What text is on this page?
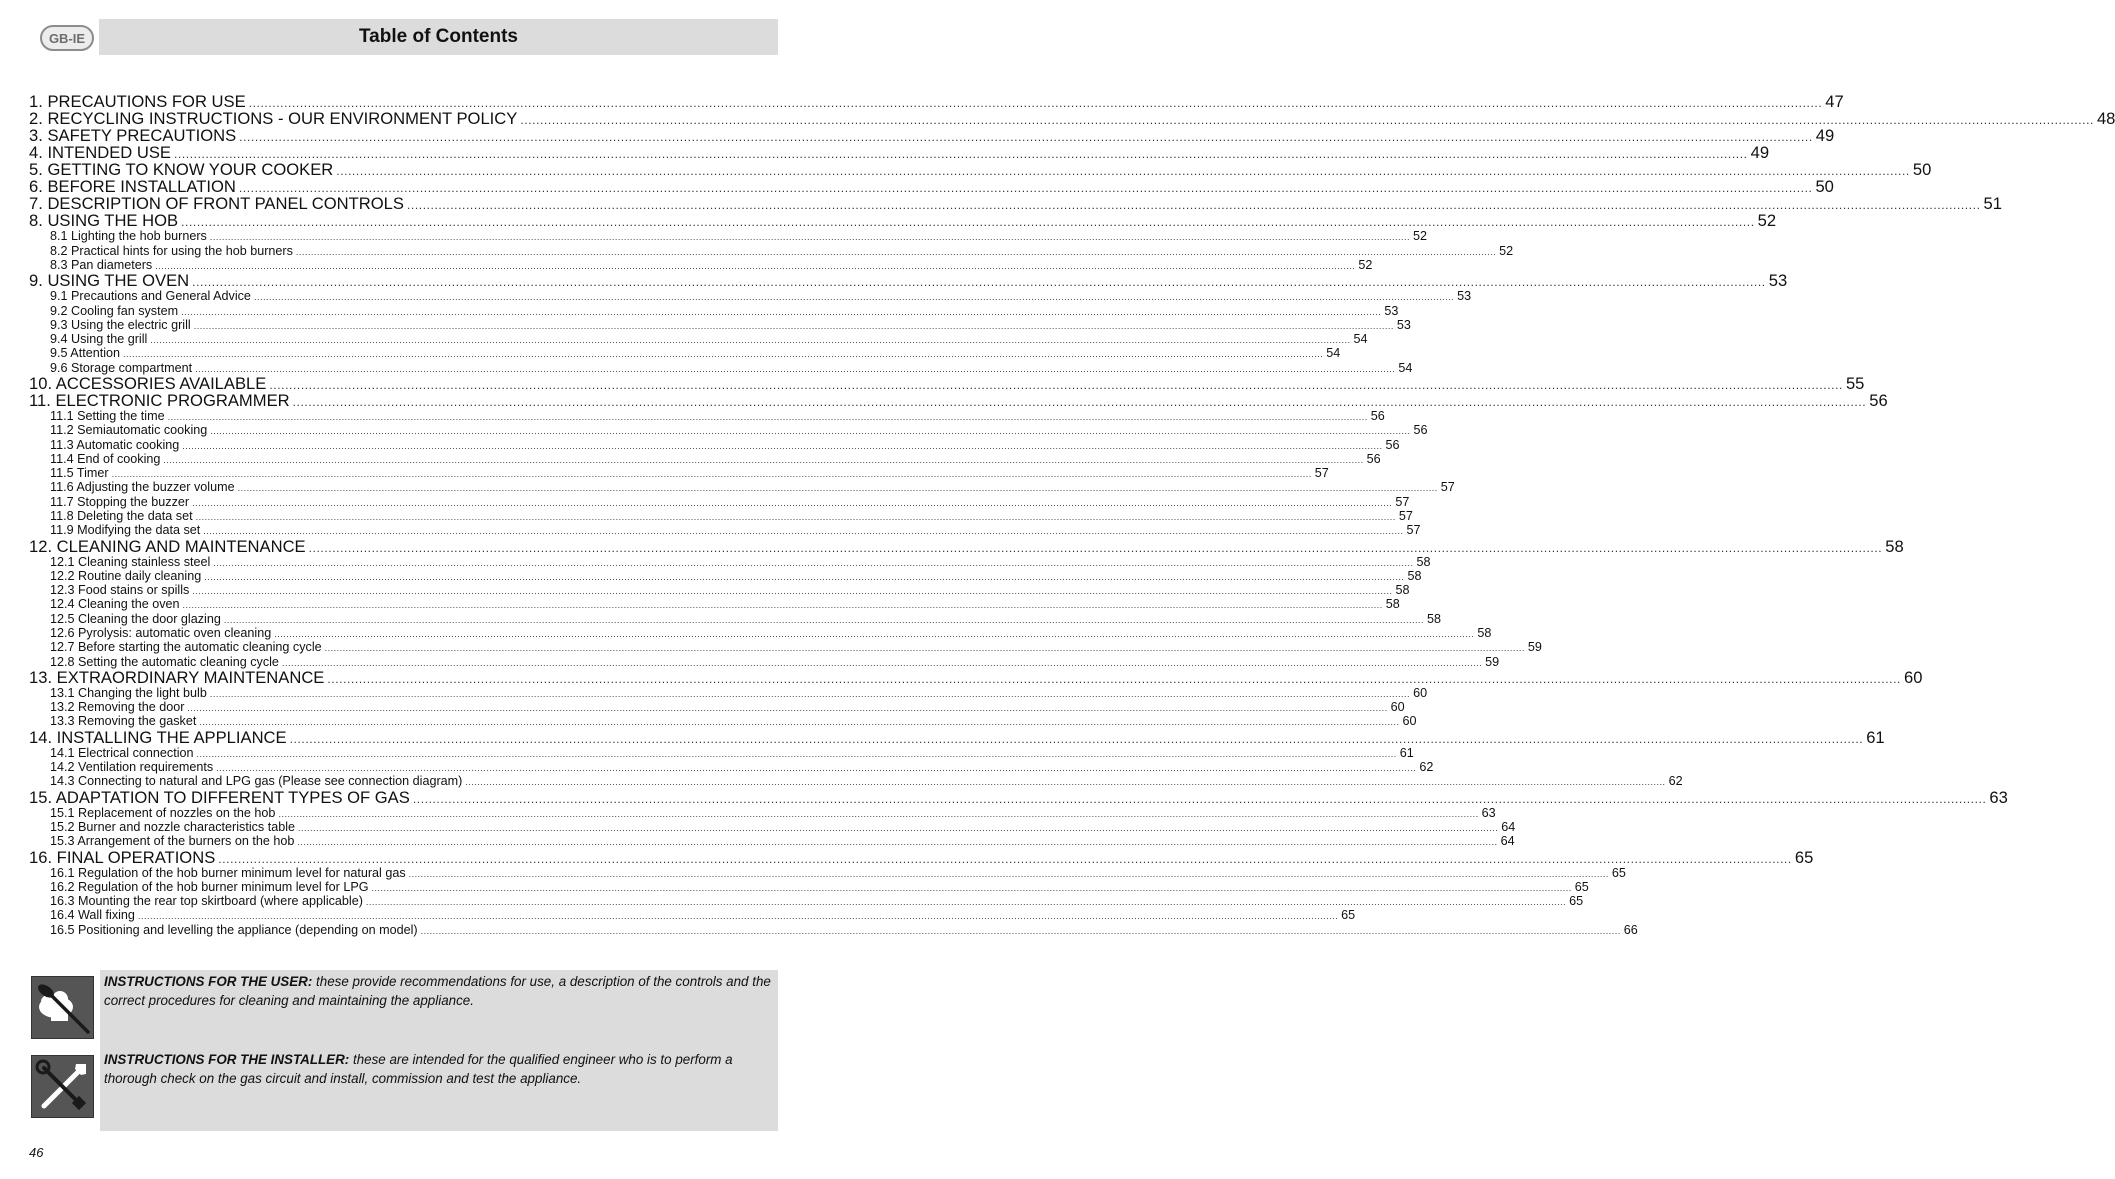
GB-IE	Table of Contents
1. PRECAUTIONS FOR USE ................................................................................................................................................................................................................................................................................................................................................................................................................ 47
2. RECYCLING INSTRUCTIONS - OUR ENVIRONMENT POLICY ................................................................................................................................................................................................................................................................................................................................................................................................................ 48
3. SAFETY PRECAUTIONS ................................................................................................................................................................................................................................................................................................................................................................................................................ 49
4. INTENDED USE ................................................................................................................................................................................................................................................................................................................................................................................................................ 49
5. GETTING TO KNOW YOUR COOKER ................................................................................................................................................................................................................................................................................................................................................................................................................ 50
6. BEFORE INSTALLATION ................................................................................................................................................................................................................................................................................................................................................................................................................ 50
7. DESCRIPTION OF FRONT PANEL CONTROLS ................................................................................................................................................................................................................................................................................................................................................................................................................ 51
8. USING THE HOB ................................................................................................................................................................................................................................................................................................................................................................................................................ 52
8.1 Lighting the hob burners ................................................................................................................................................................................................................................................................................................................................................................................................................ 52
8.2 Practical hints for using the hob burners ................................................................................................................................................................................................................................................................................................................................................................................................................ 52
8.3 Pan diameters ................................................................................................................................................................................................................................................................................................................................................................................................................ 52
9. USING THE OVEN ................................................................................................................................................................................................................................................................................................................................................................................................................ 53
9.1 Precautions and General Advice ................................................................................................................................................................................................................................................................................................................................................................................................................ 53
9.2 Cooling fan system ................................................................................................................................................................................................................................................................................................................................................................................................................ 53
9.3 Using the electric grill ................................................................................................................................................................................................................................................................................................................................................................................................................ 53
9.4 Using the grill ................................................................................................................................................................................................................................................................................................................................................................................................................ 54
9.5 Attention ................................................................................................................................................................................................................................................................................................................................................................................................................ 54
9.6 Storage compartment ................................................................................................................................................................................................................................................................................................................................................................................................................ 54
10. ACCESSORIES AVAILABLE ................................................................................................................................................................................................................................................................................................................................................................................................................ 55
11. ELECTRONIC PROGRAMMER ................................................................................................................................................................................................................................................................................................................................................................................................................ 56
11.1 Setting the time ................................................................................................................................................................................................................................................................................................................................................................................................................ 56
11.2 Semiautomatic cooking ................................................................................................................................................................................................................................................................................................................................................................................................................ 56
11.3 Automatic cooking ................................................................................................................................................................................................................................................................................................................................................................................................................ 56
11.4 End of cooking ................................................................................................................................................................................................................................................................................................................................................................................................................ 56
11.5 Timer ................................................................................................................................................................................................................................................................................................................................................................................................................ 57
11.6 Adjusting the buzzer volume ................................................................................................................................................................................................................................................................................................................................................................................................................ 57
11.7 Stopping the buzzer ................................................................................................................................................................................................................................................................................................................................................................................................................ 57
11.8 Deleting the data set ................................................................................................................................................................................................................................................................................................................................................................................................................ 57
11.9 Modifying the data set ................................................................................................................................................................................................................................................................................................................................................................................................................ 57
12. CLEANING AND MAINTENANCE ................................................................................................................................................................................................................................................................................................................................................................................................................ 58
12.1 Cleaning stainless steel ................................................................................................................................................................................................................................................................................................................................................................................................................ 58
12.2 Routine daily cleaning ................................................................................................................................................................................................................................................................................................................................................................................................................ 58
12.3 Food stains or spills ................................................................................................................................................................................................................................................................................................................................................................................................................ 58
12.4 Cleaning the oven ................................................................................................................................................................................................................................................................................................................................................................................................................ 58
12.5 Cleaning the door glazing ................................................................................................................................................................................................................................................................................................................................................................................................................ 58
12.6 Pyrolysis: automatic oven cleaning ................................................................................................................................................................................................................................................................................................................................................................................................................ 58
12.7 Before starting the automatic cleaning cycle ................................................................................................................................................................................................................................................................................................................................................................................................................ 59
12.8 Setting the automatic cleaning cycle ................................................................................................................................................................................................................................................................................................................................................................................................................ 59
13. EXTRAORDINARY MAINTENANCE ................................................................................................................................................................................................................................................................................................................................................................................................................ 60
13.1 Changing the light bulb ................................................................................................................................................................................................................................................................................................................................................................................................................ 60
13.2 Removing the door ................................................................................................................................................................................................................................................................................................................................................................................................................ 60
13.3 Removing the gasket ................................................................................................................................................................................................................................................................................................................................................................................................................ 60
14. INSTALLING THE APPLIANCE ................................................................................................................................................................................................................................................................................................................................................................................................................ 61
14.1 Electrical connection ................................................................................................................................................................................................................................................................................................................................................................................................................ 61
14.2 Ventilation requirements ................................................................................................................................................................................................................................................................................................................................................................................................................ 62
14.3 Connecting to natural and LPG gas (Please see connection diagram) ................................................................................................................................................................................................................................................................................................................................................................................................................ 62
15. ADAPTATION TO DIFFERENT TYPES OF GAS ................................................................................................................................................................................................................................................................................................................................................................................................................ 63
15.1 Replacement of nozzles on the hob ................................................................................................................................................................................................................................................................................................................................................................................................................ 63
15.2 Burner and nozzle characteristics table ................................................................................................................................................................................................................................................................................................................................................................................................................ 64
15.3 Arrangement of the burners on the hob ................................................................................................................................................................................................................................................................................................................................................................................................................ 64
16. FINAL OPERATIONS ................................................................................................................................................................................................................................................................................................................................................................................................................ 65
16.1 Regulation of the hob burner minimum level for natural gas ................................................................................................................................................................................................................................................................................................................................................................................................................ 65
16.2 Regulation of the hob burner minimum level for LPG ................................................................................................................................................................................................................................................................................................................................................................................................................ 65
16.3 Mounting the rear top skirtboard (where applicable) ................................................................................................................................................................................................................................................................................................................................................................................................................ 65
16.4 Wall fixing ................................................................................................................................................................................................................................................................................................................................................................................................................ 65
16.5 Positioning and levelling the appliance (depending on model) ................................................................................................................................................................................................................................................................................................................................................................................................................ 66
INSTRUCTIONS FOR THE USER: these provide recommendations for use, a description of the controls and the correct procedures for cleaning and maintaining the appliance.
INSTRUCTIONS FOR THE INSTALLER: these are intended for the qualified engineer who is to perform a thorough check on the gas circuit and install, commission and test the appliance.
46
